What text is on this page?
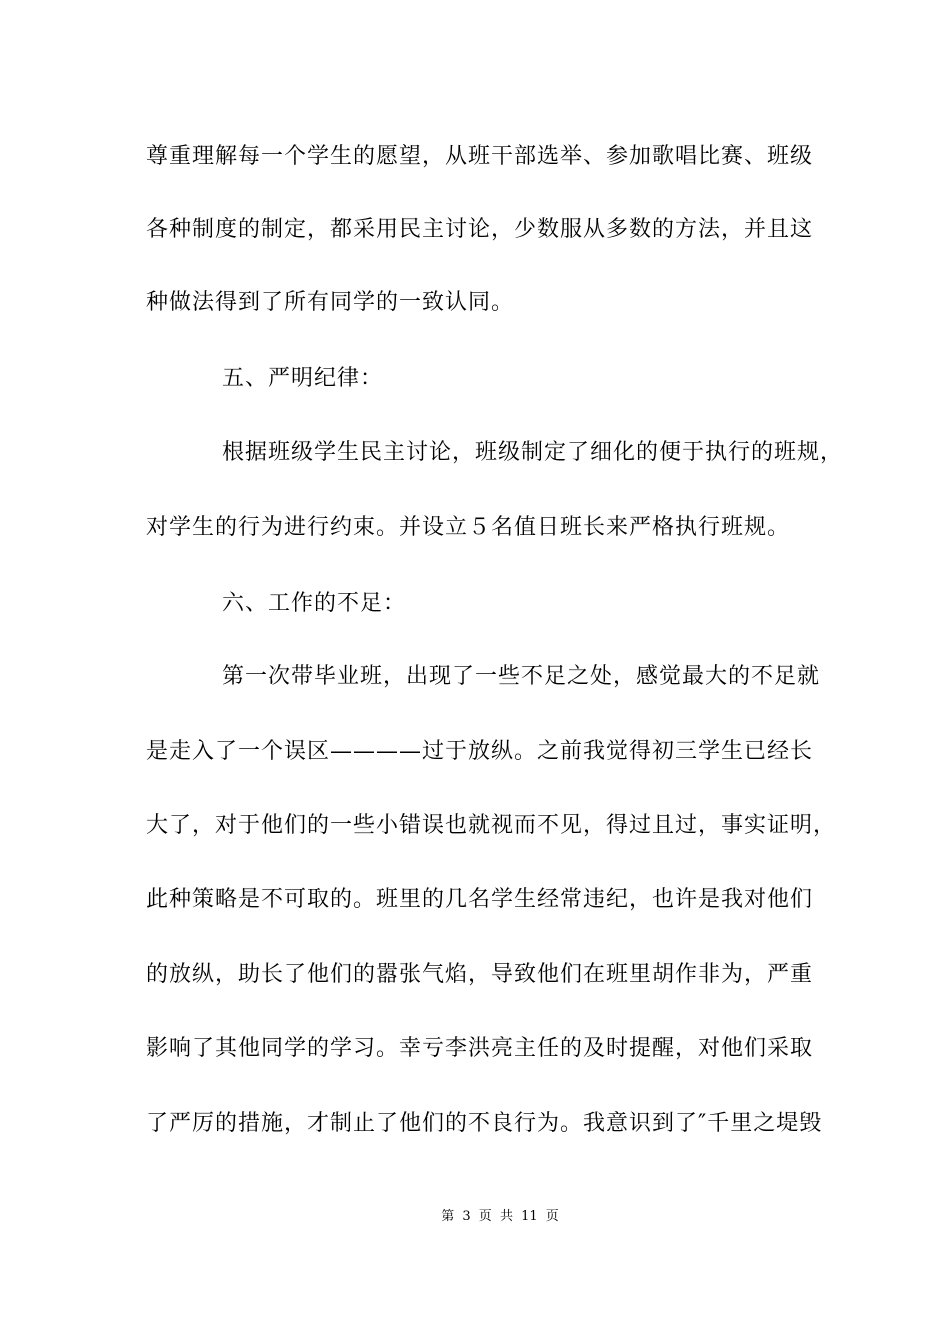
尊重理解每一个学生的愿望，从班干部选举、参加歌唱比赛、班级
各种制度的制定，都采用民主讨论，少数服从多数的方法，并且这
种做法得到了所有同学的一致认同。
五、严明纪律：
根据班级学生民主讨论，班级制定了细化的便于执行的班规，
对学生的行为进行约束。并设立５名值日班长来严格执行班规。
六、工作的不足：
第一次带毕业班，出现了一些不足之处，感觉最大的不足就
是走入了一个误区————过于放纵。之前我觉得初三学生已经长
大了，对于他们的一些小错误也就视而不见，得过且过，事实证明，
此种策略是不可取的。班里的几名学生经常违纪，也许是我对他们
的放纵，助长了他们的嚣张气焰，导致他们在班里胡作非为，严重
影响了其他同学的学习。幸亏李洪亮主任的及时提醒，对他们采取
了严厉的措施，才制止了他们的不良行为。我意识到了″千里之堤毁
第 3 页 共 11 页
